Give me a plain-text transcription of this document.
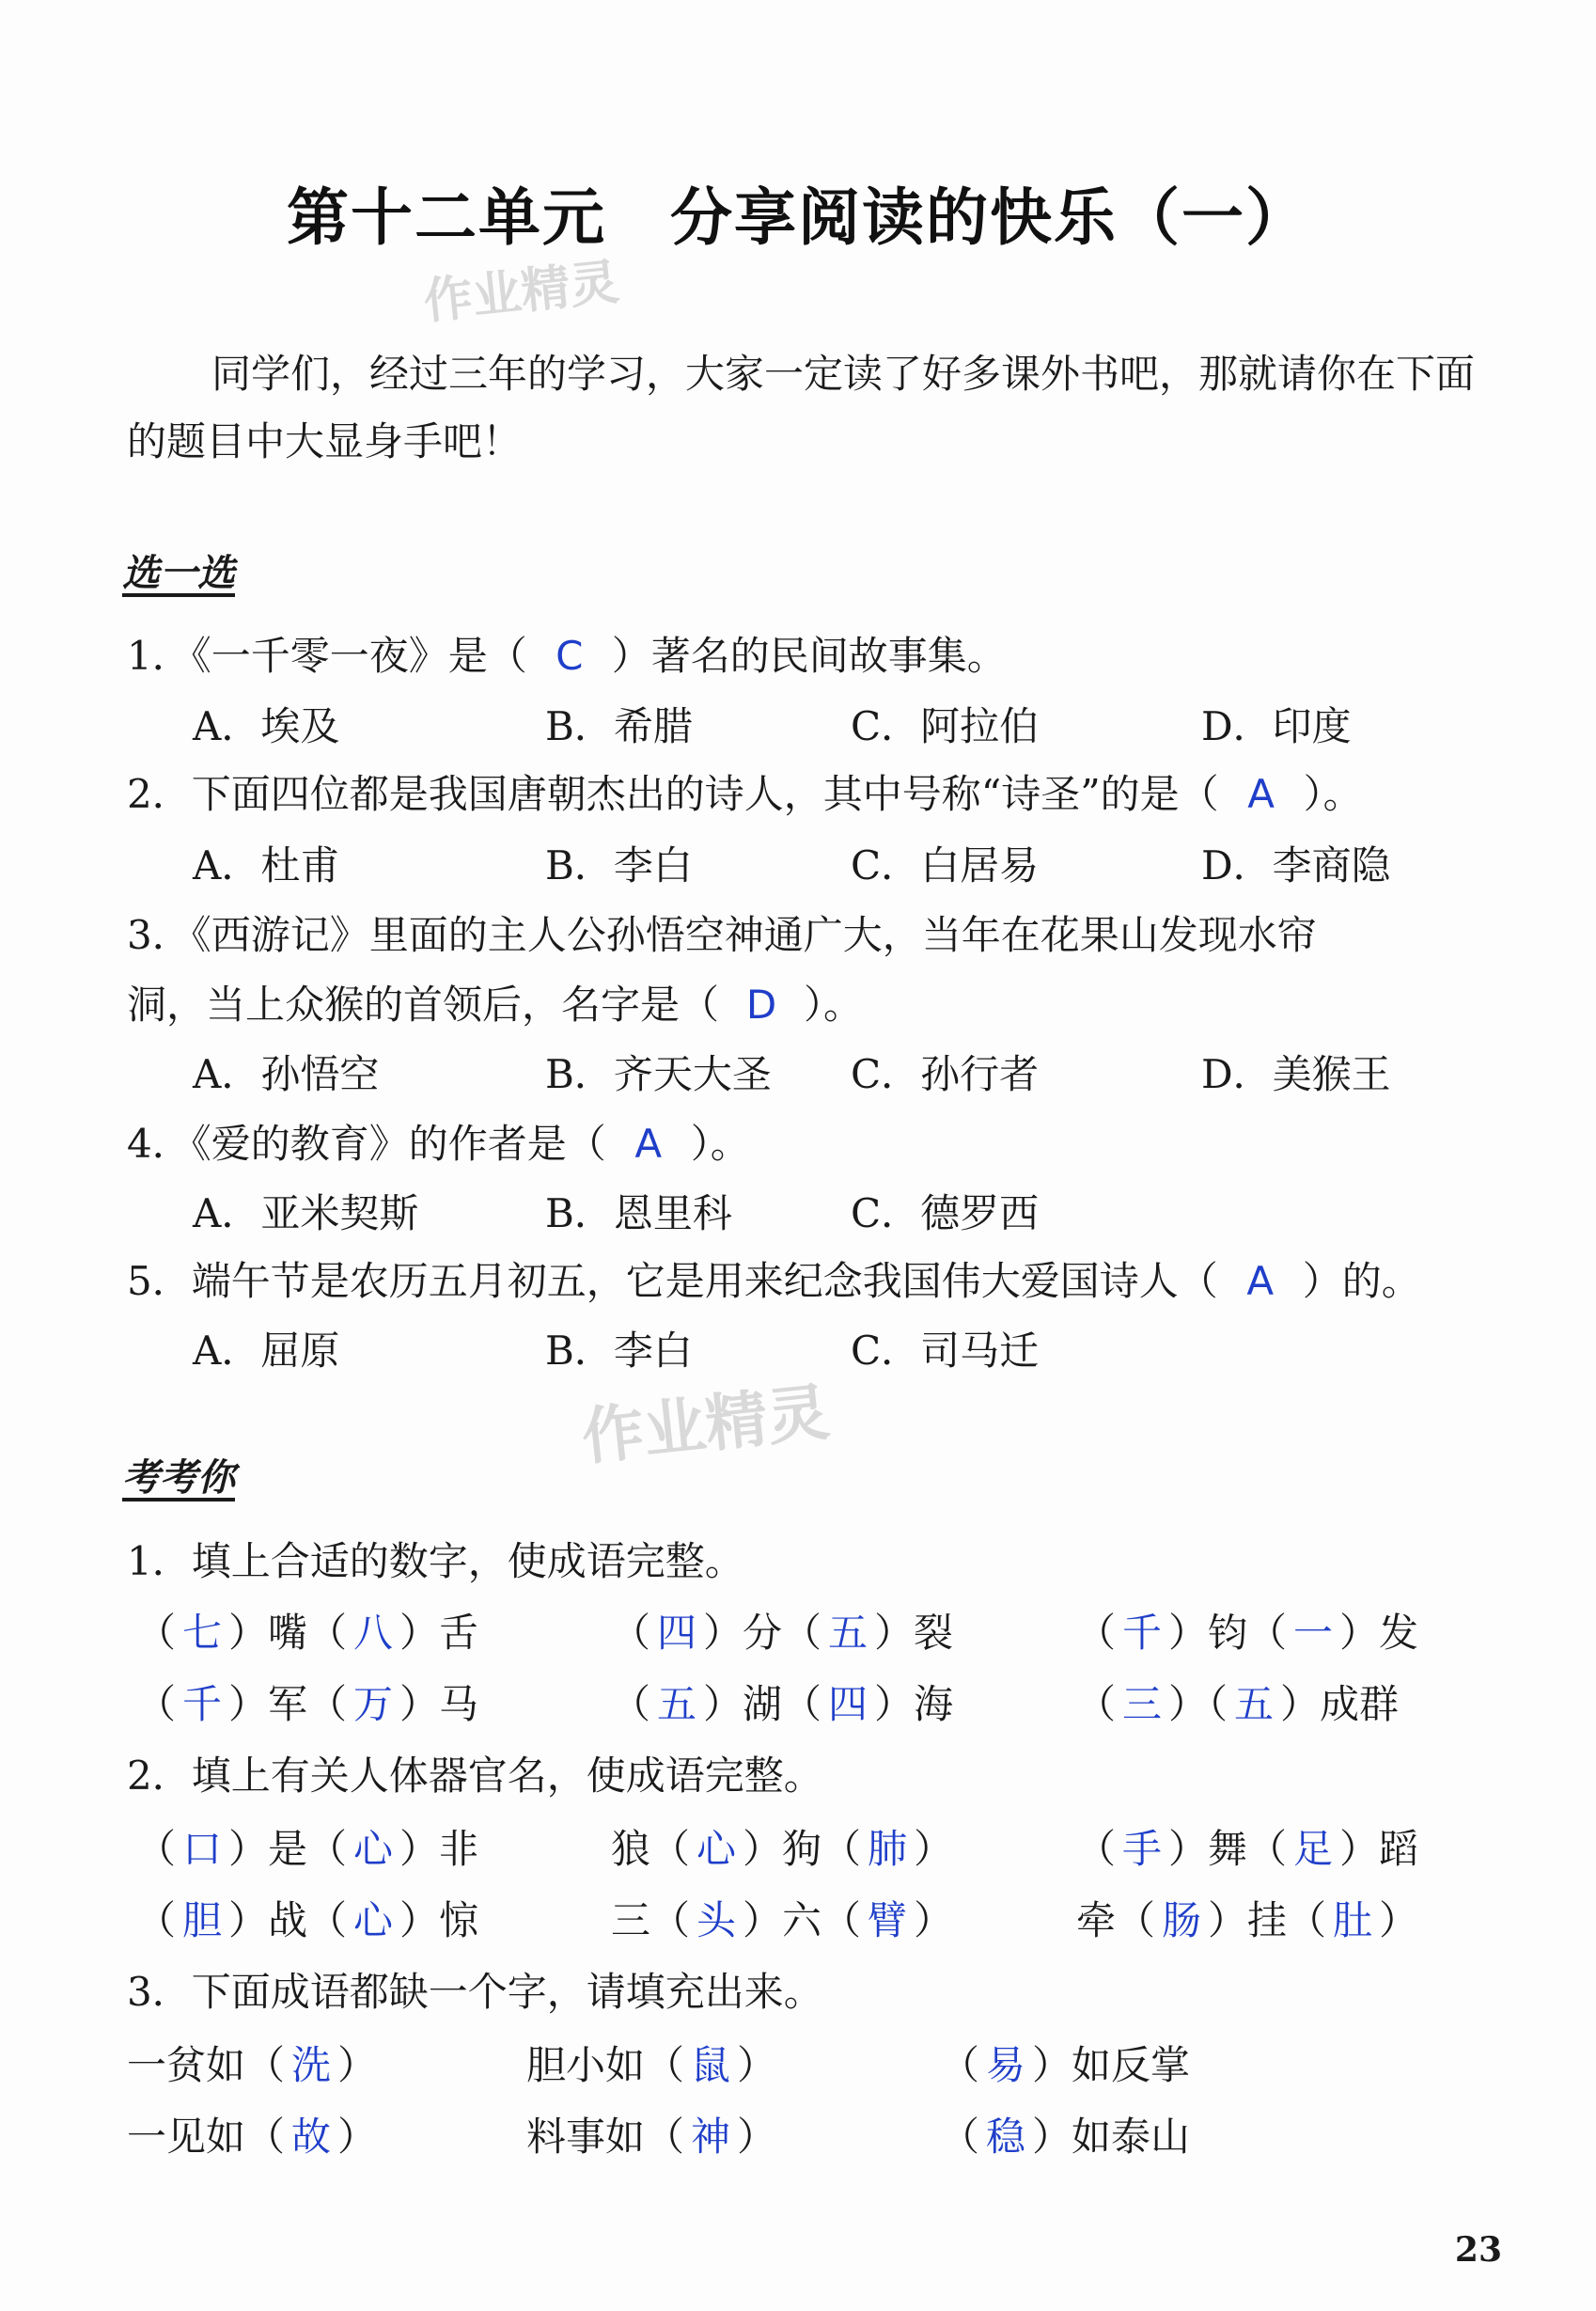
第十二单元　分享阅读的快乐（一）
作业精灵
作业精灵
同学们，经过三年的学习，大家一定读了好多课外书吧，那就请你在下面的题目中大显身手吧！
选一选
1．《一千零一夜》是（ C ）著名的民间故事集。
A．埃及	B．希腊	C．阿拉伯	D．印度
2．下面四位都是我国唐朝杰出的诗人，其中号称“诗圣”的是（ A ）。
A．杜甫	B．李白	C．白居易	D．李商隐
3．《西游记》里面的主人公孙悟空神通广大，当年在花果山发现水帘
洞，当上众猴的首领后，名字是（ D ）。
A．孙悟空	B．齐天大圣 C．孙行者	D．美猴王
4．《爱的教育》的作者是（ A ）。
A．亚米契斯	B．恩里科	C．德罗西
5．端午节是农历五月初五，它是用来纪念我国伟大爱国诗人（ A ）的。
A．屈原	B．李白	C．司马迁
考考你
1．填上合适的数字，使成语完整。
（ 七 ）嘴（ 八 ）舌	（ 四 ）分（ 五 ）裂	（ 千 ）钧（ 一 ）发
（ 千 ）军（ 万 ）马	（ 五 ）湖（ 四 ）海	（ 三 ）（ 五 ）成群
2．填上有关人体器官名，使成语完整。
（ 口 ）是（ 心 ）非	狼（ 心 ）狗（ 肺 ）	（ 手 ）舞（ 足 ）蹈
（ 胆 ）战（ 心 ）惊	三（ 头 ）六（ 臂 ）	牵（ 肠 ）挂（ 肚 ）
3．下面成语都缺一个字，请填充出来。
一贫如（ 洗 ）	胆小如（ 鼠 ）	（ 易 ）如反掌
一见如（ 故 ）	料事如（ 神 ）	（ 稳 ）如泰山
23
